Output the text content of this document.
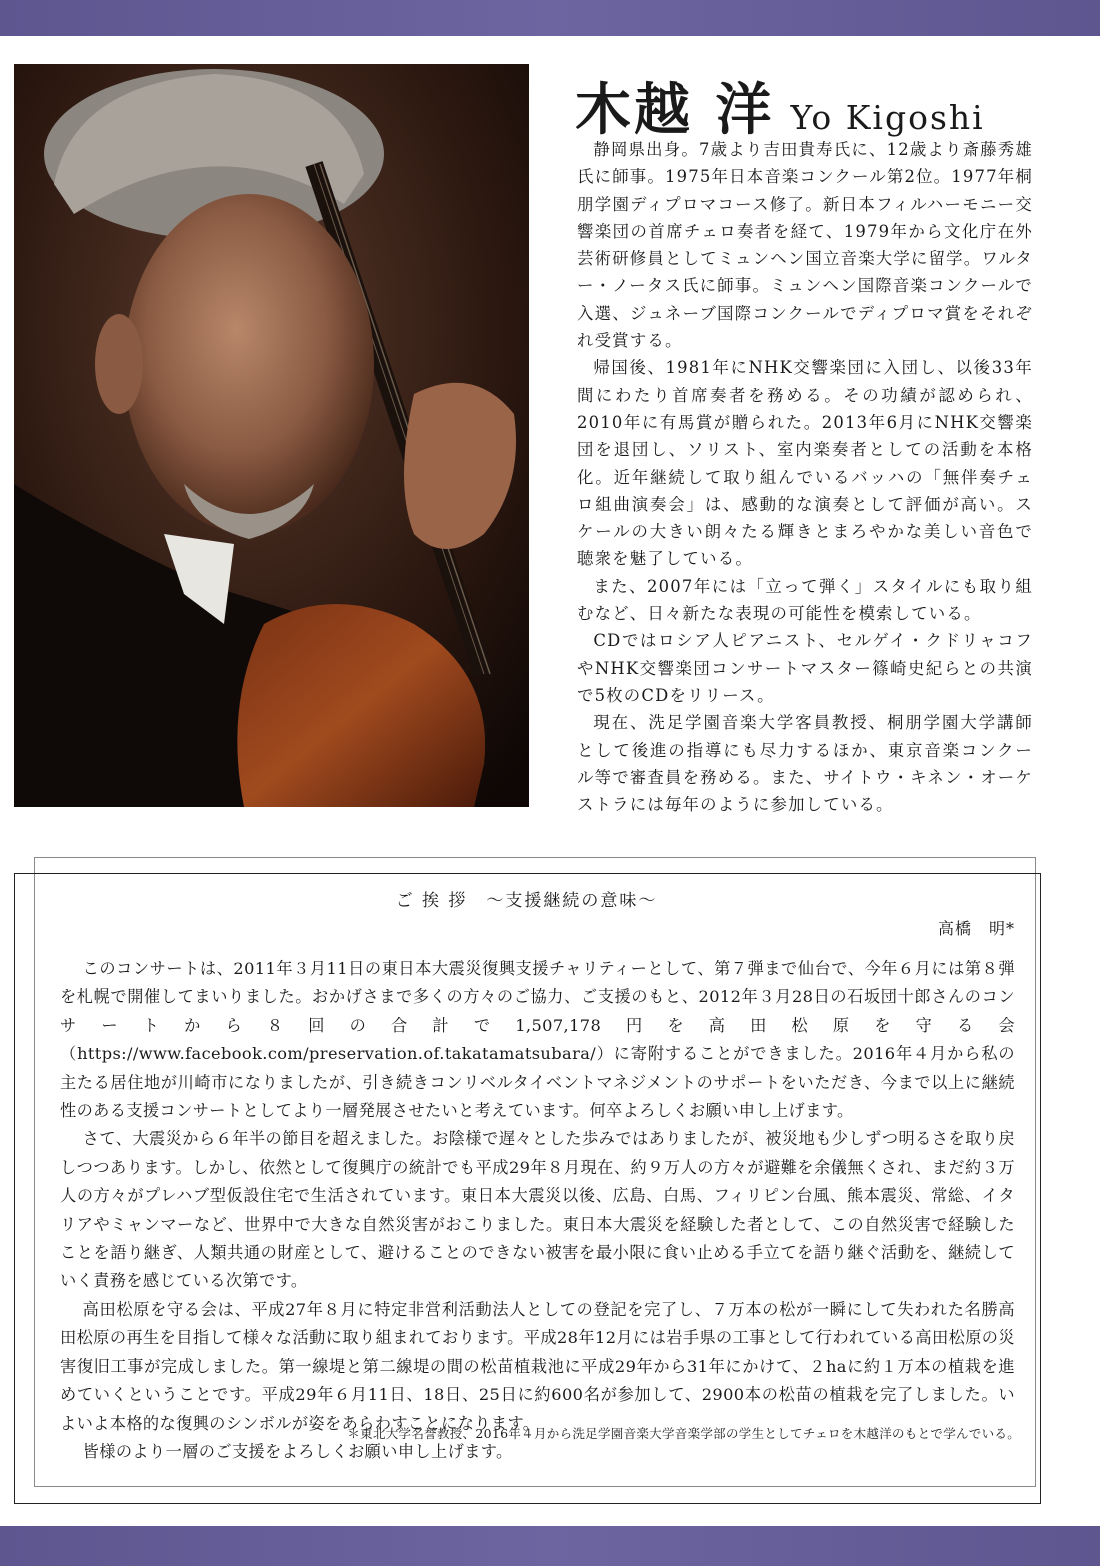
木越 洋 Yo Kigoshi

静岡県出身。7歳より吉田貴寿氏に、12歳より斎藤秀雄氏に師事。1975年日本音楽コンクール第2位。1977年桐朋学園ディプロマコース修了。新日本フィルハーモニー交響楽団の首席チェロ奏者を経て、1979年から文化庁在外芸術研修員としてミュンヘン国立音楽大学に留学。ワルター・ノータス氏に師事。ミュンヘン国際音楽コンクールで入選、ジュネーブ国際コンクールでディプロマ賞をそれぞれ受賞する。

帰国後、1981年にNHK交響楽団に入団し、以後33年間にわたり首席奏者を務める。その功績が認められ、2010年に有馬賞が贈られた。2013年6月にNHK交響楽団を退団し、ソリスト、室内楽奏者としての活動を本格化。近年継続して取り組んでいるバッハの「無伴奏チェロ組曲演奏会」は、感動的な演奏として評価が高い。スケールの大きい朗々たる輝きとまろやかな美しい音色で聴衆を魅了している。

また、2007年には「立って弾く」スタイルにも取り組むなど、日々新たな表現の可能性を模索している。

CDではロシア人ピアニスト、セルゲイ・クドリャコフやNHK交響楽団コンサートマスター篠崎史紀らとの共演で5枚のCDをリリース。

現在、洗足学園音楽大学客員教授、桐朋学園大学講師として後進の指導にも尽力するほか、東京音楽コンクール等で審査員を務める。また、サイトウ・キネン・オーケストラには毎年のように参加している。

ご 挨 拶　～支援継続の意味～
高橋　明*

このコンサートは、2011年３月11日の東日本大震災復興支援チャリティーとして、第７弾まで仙台で、今年６月には第８弾を札幌で開催してまいりました。おかげさまで多くの方々のご協力、ご支援のもと、2012年３月28日の石坂団十郎さんのコンサートから８回の合計で1,507,178円を高田松原を守る会（https://www.facebook.com/preservation.of.takatamatsubara/）に寄附することができました。2016年４月から私の主たる居住地が川崎市になりましたが、引き続きコンリベルタイベントマネジメントのサポートをいただき、今まで以上に継続性のある支援コンサートとしてより一層発展させたいと考えています。何卒よろしくお願い申し上げます。

さて、大震災から６年半の節目を超えました。お陰様で遅々とした歩みではありましたが、被災地も少しずつ明るさを取り戻しつつあります。しかし、依然として復興庁の統計でも平成29年８月現在、約９万人の方々が避難を余儀無くされ、まだ約３万人の方々がプレハブ型仮設住宅で生活されています。東日本大震災以後、広島、白馬、フィリピン台風、熊本震災、常総、イタリアやミャンマーなど、世界中で大きな自然災害がおこりました。東日本大震災を経験した者として、この自然災害で経験したことを語り継ぎ、人類共通の財産として、避けることのできない被害を最小限に食い止める手立てを語り継ぐ活動を、継続していく責務を感じている次第です。

高田松原を守る会は、平成27年８月に特定非営利活動法人としての登記を完了し、７万本の松が一瞬にして失われた名勝高田松原の再生を目指して様々な活動に取り組まれております。平成28年12月には岩手県の工事として行われている高田松原の災害復旧工事が完成しました。第一線堤と第二線堤の間の松苗植栽池に平成29年から31年にかけて、２haに約１万本の植栽を進めていくということです。平成29年６月11日、18日、25日に約600名が参加して、2900本の松苗の植栽を完了しました。いよいよ本格的な復興のシンボルが姿をあらわすことになります。

皆様のより一層のご支援をよろしくお願い申し上げます。

＊東北大学名誉教授、2016年４月から洗足学園音楽大学音楽学部の学生としてチェロを木越洋のもとで学んでいる。
